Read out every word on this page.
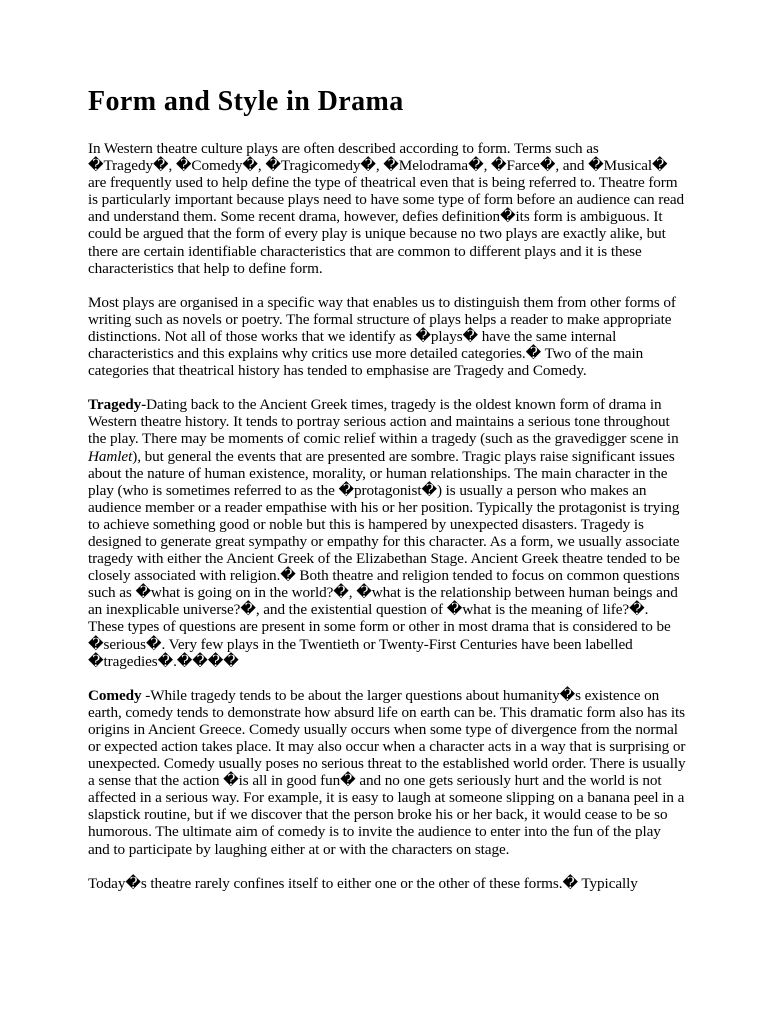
Form and Style in Drama

In Western theatre culture plays are often described according to form. Terms such as �Tragedy�, �Comedy�, �Tragicomedy�, �Melodrama�, �Farce�, and �Musical� are frequently used to help define the type of theatrical even that is being referred to. Theatre form is particularly important because plays need to have some type of form before an audience can read and understand them. Some recent drama, however, defies definition�its form is ambiguous. It could be argued that the form of every play is unique because no two plays are exactly alike, but there are certain identifiable characteristics that are common to different plays and it is these characteristics that help to define form.

Most plays are organised in a specific way that enables us to distinguish them from other forms of writing such as novels or poetry. The formal structure of plays helps a reader to make appropriate distinctions. Not all of those works that we identify as �plays� have the same internal characteristics and this explains why critics use more detailed categories.� Two of the main categories that theatrical history has tended to emphasise are Tragedy and Comedy.

Tragedy-Dating back to the Ancient Greek times, tragedy is the oldest known form of drama in Western theatre history. It tends to portray serious action and maintains a serious tone throughout the play. There may be moments of comic relief within a tragedy (such as the gravedigger scene in Hamlet), but general the events that are presented are sombre. Tragic plays raise significant issues about the nature of human existence, morality, or human relationships. The main character in the play (who is sometimes referred to as the �protagonist�) is usually a person who makes an audience member or a reader empathise with his or her position. Typically the protagonist is trying to achieve something good or noble but this is hampered by unexpected disasters. Tragedy is designed to generate great sympathy or empathy for this character. As a form, we usually associate tragedy with either the Ancient Greek of the Elizabethan Stage. Ancient Greek theatre tended to be closely associated with religion.� Both theatre and religion tended to focus on common questions such as �what is going on in the world?�, �what is the relationship between human beings and an inexplicable universe?�, and the existential question of �what is the meaning of life?�. These types of questions are present in some form or other in most drama that is considered to be �serious�. Very few plays in the Twentieth or Twenty-First Centuries have been labelled �tragedies�.����

Comedy -While tragedy tends to be about the larger questions about humanity�s existence on earth, comedy tends to demonstrate how absurd life on earth can be. This dramatic form also has its origins in Ancient Greece. Comedy usually occurs when some type of divergence from the normal or expected action takes place. It may also occur when a character acts in a way that is surprising or unexpected. Comedy usually poses no serious threat to the established world order. There is usually a sense that the action �is all in good fun� and no one gets seriously hurt and the world is not affected in a serious way. For example, it is easy to laugh at someone slipping on a banana peel in a slapstick routine, but if we discover that the person broke his or her back, it would cease to be so humorous. The ultimate aim of comedy is to invite the audience to enter into the fun of the play and to participate by laughing either at or with the characters on stage.

Today�s theatre rarely confines itself to either one or the other of these forms.� Typically
